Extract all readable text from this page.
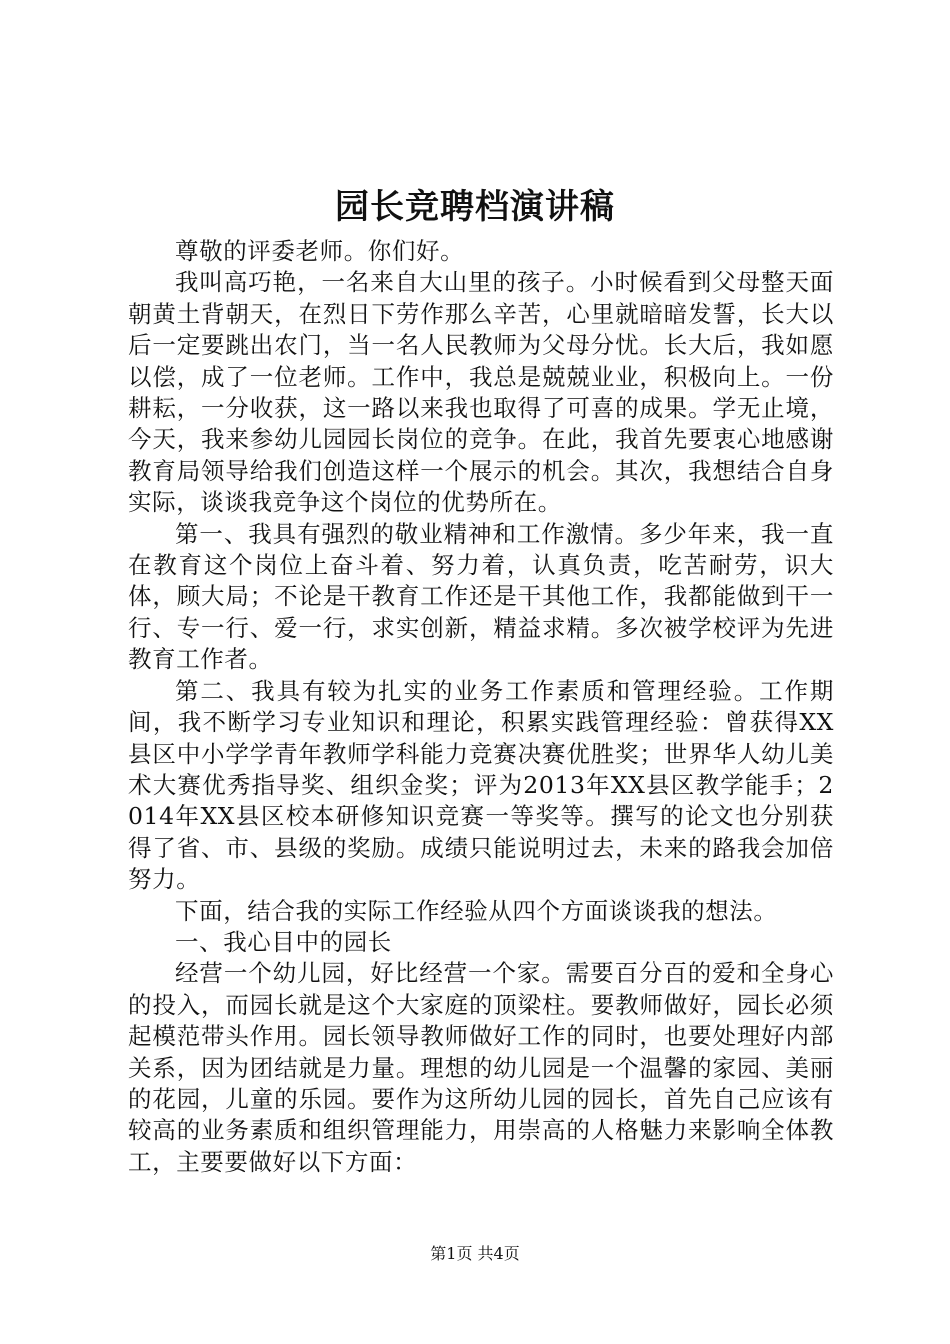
园长竞聘档演讲稿

尊敬的评委老师。你们好。

我叫高巧艳，一名来自大山里的孩子。小时候看到父母整天面朝黄土背朝天，在烈日下劳作那么辛苦，心里就暗暗发誓，长大以后一定要跳出农门，当一名人民教师为父母分忧。长大后，我如愿以偿，成了一位老师。工作中，我总是兢兢业业，积极向上。一份耕耘，一分收获，这一路以来我也取得了可喜的成果。学无止境，今天，我来参幼儿园园长岗位的竞争。在此，我首先要衷心地感谢教育局领导给我们创造这样一个展示的机会。其次，我想结合自身实际，谈谈我竞争这个岗位的优势所在。

第一、我具有强烈的敬业精神和工作激情。多少年来，我一直在教育这个岗位上奋斗着、努力着，认真负责，吃苦耐劳，识大体，顾大局；不论是干教育工作还是干其他工作，我都能做到干一行、专一行、爱一行，求实创新，精益求精。多次被学校评为先进教育工作者。

第二、我具有较为扎实的业务工作素质和管理经验。工作期间，我不断学习专业知识和理论，积累实践管理经验：曾获得XX县区中小学学青年教师学科能力竞赛决赛优胜奖；世界华人幼儿美术大赛优秀指导奖、组织金奖；评为2013年XX县区教学能手；2014年XX县区校本研修知识竞赛一等奖等。撰写的论文也分别获得了省、市、县级的奖励。成绩只能说明过去，未来的路我会加倍努力。

下面，结合我的实际工作经验从四个方面谈谈我的想法。

一、我心目中的园长

经营一个幼儿园，好比经营一个家。需要百分百的爱和全身心的投入，而园长就是这个大家庭的顶梁柱。要教师做好，园长必须起模范带头作用。园长领导教师做好工作的同时，也要处理好内部关系，因为团结就是力量。理想的幼儿园是一个温馨的家园、美丽的花园，儿童的乐园。要作为这所幼儿园的园长，首先自己应该有较高的业务素质和组织管理能力，用崇高的人格魅力来影响全体教工，主要要做好以下方面：

第1页 共4页
